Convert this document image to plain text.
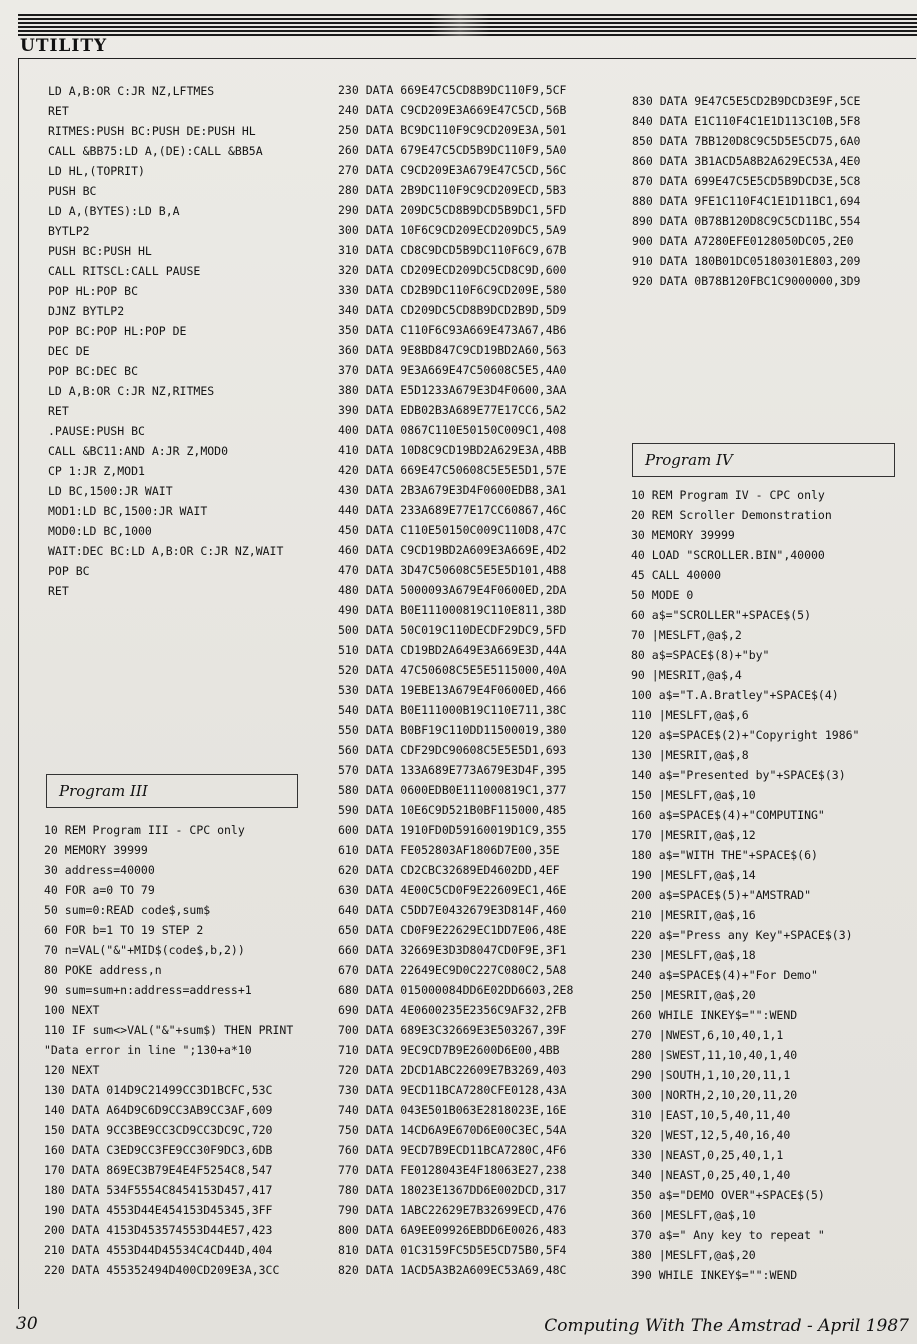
UTILITY
LD A,B:OR C:JR NZ,LFTMES
RET
RITMES:PUSH BC:PUSH DE:PUSH HL
CALL &BB75:LD A,(DE):CALL &BB5A
LD HL,(TOPRIT)
PUSH BC
LD A,(BYTES):LD B,A
BYTLP2
PUSH BC:PUSH HL
CALL RITSCL:CALL PAUSE
POP HL:POP BC
DJNZ BYTLP2
POP BC:POP HL:POP DE
DEC DE
POP BC:DEC BC
LD A,B:OR C:JR NZ,RITMES
RET
.PAUSE:PUSH BC
CALL &BC11:AND A:JR Z,MOD0
CP 1:JR Z,MOD1
LD BC,1500:JR WAIT
MOD1:LD BC,1500:JR WAIT
MOD0:LD BC,1000
WAIT:DEC BC:LD A,B:OR C:JR NZ,WAIT
POP BC
RET
Program III
10 REM Program III - CPC only
20 MEMORY 39999
30 address=40000
40 FOR a=0 TO 79
50 sum=0:READ code$,sum$
60 FOR b=1 TO 19 STEP 2
70 n=VAL("&"+MID$(code$,b,2))
80 POKE address,n
90 sum=sum+n:address=address+1
100 NEXT
110 IF sum<>VAL("&"+sum$) THEN PRINT
"Data error in line ";130+a*10
120 NEXT
130 DATA 014D9C21499CC3D1BCFC,53C
140 DATA A64D9C6D9CC3AB9CC3AF,609
150 DATA 9CC3BE9CC3CD9CC3DC9C,720
160 DATA C3ED9CC3FE9CC30F9DC3,6DB
170 DATA 869EC3B79E4E4F5254C8,547
180 DATA 534F5554C8454153D457,417
190 DATA 4553D44E454153D45345,3FF
200 DATA 4153D453574553D44E57,423
210 DATA 4553D44D45534C4CD44D,404
220 DATA 455352494D400CD209E3A,3CC
230 DATA 669E47C5CD8B9DC110F9,5CF
240 DATA C9CD209E3A669E47C5CD,56B
250 DATA BC9DC110F9C9CD209E3A,501
260 DATA 679E47C5CD5B9DC110F9,5A0
270 DATA C9CD209E3A679E47C5CD,56C
280 DATA 2B9DC110F9C9CD209ECD,5B3
290 DATA 209DC5CD8B9DCD5B9DC1,5FD
300 DATA 10F6C9CD209ECD209DC5,5A9
310 DATA CD8C9DCD5B9DC110F6C9,67B
320 DATA CD209ECD209DC5CD8C9D,600
330 DATA CD2B9DC110F6C9CD209E,580
340 DATA CD209DC5CD8B9DCD2B9D,5D9
350 DATA C110F6C93A669E473A67,4B6
360 DATA 9E8BD847C9CD19BD2A60,563
370 DATA 9E3A669E47C50608C5E5,4A0
380 DATA E5D1233A679E3D4F0600,3AA
390 DATA EDB02B3A689E77E17CC6,5A2
400 DATA 0867C110E50150C009C1,408
410 DATA 10D8C9CD19BD2A629E3A,4BB
420 DATA 669E47C50608C5E5E5D1,57E
430 DATA 2B3A679E3D4F0600EDB8,3A1
440 DATA 233A689E77E17CC60867,46C
450 DATA C110E50150C009C110D8,47C
460 DATA C9CD19BD2A609E3A669E,4D2
470 DATA 3D47C50608C5E5E5D101,4B8
480 DATA 5000093A679E4F0600ED,2DA
490 DATA B0E111000819C110E811,38D
500 DATA 50C019C110DECDF29DC9,5FD
510 DATA CD19BD2A649E3A669E3D,44A
520 DATA 47C50608C5E5E5115000,40A
530 DATA 19EBE13A679E4F0600ED,466
540 DATA B0E111000B19C110E711,38C
550 DATA B0BF19C110DD11500019,380
560 DATA CDF29DC90608C5E5E5D1,693
570 DATA 133A689E773A679E3D4F,395
580 DATA 0600EDB0E111000819C1,377
590 DATA 10E6C9D521B0BF115000,485
600 DATA 1910FD0D59160019D1C9,355
610 DATA FE052803AF1806D7E00,35E
620 DATA CD2CBC32689ED4602DD,4EF
630 DATA 4E00C5CD0F9E22609EC1,46E
640 DATA C5DD7E0432679E3D814F,460
650 DATA CD0F9E22629EC1DD7E06,48E
660 DATA 32669E3D3D8047CD0F9E,3F1
670 DATA 22649EC9D0C227C080C2,5A8
680 DATA 015000084DD6E02DD6603,2E8
690 DATA 4E0600235E2356C9AF32,2FB
700 DATA 689E3C32669E3E503267,39F
710 DATA 9EC9CD7B9E2600D6E00,4BB
720 DATA 2DCD1ABC22609E7B3269,403
730 DATA 9ECD11BCA7280CFE0128,43A
740 DATA 043E501B063E2818023E,16E
750 DATA 14CD6A9E670D6E00C3EC,54A
760 DATA 9ECD7B9ECD11BCA7280C,4F6
770 DATA FE0128043E4F18063E27,238
780 DATA 18023E1367DD6E002DCD,317
790 DATA 1ABC22629E7B32699ECD,476
800 DATA 6A9EE09926EBDD6E0026,483
810 DATA 01C3159FC5D5E5CD75B0,5F4
820 DATA 1ACD5A3B2A609EC53A69,48C
830 DATA 9E47C5E5CD2B9DCD3E9F,5CE
840 DATA E1C110F4C1E1D113C10B,5F8
850 DATA 7BB120D8C9C5D5E5CD75,6A0
860 DATA 3B1ACD5A8B2A629EC53A,4E0
870 DATA 699E47C5E5CD5B9DCD3E,5C8
880 DATA 9FE1C110F4C1E1D11BC1,694
890 DATA 0B78B120D8C9C5CD11BC,554
900 DATA A7280EFE0128050DC05,2E0
910 DATA 180B01DC05180301E803,209
920 DATA 0B78B120FBC1C9000000,3D9
Program IV
10 REM Program IV - CPC only
20 REM Scroller Demonstration
30 MEMORY 39999
40 LOAD "SCROLLER.BIN",40000
45 CALL 40000
50 MODE 0
60 a$="SCROLLER"+SPACE$(5)
70 |MESLFT,@a$,2
80 a$=SPACE$(8)+"by"
90 |MESRIT,@a$,4
100 a$="T.A.Bratley"+SPACE$(4)
110 |MESLFT,@a$,6
120 a$=SPACE$(2)+"Copyright 1986"
130 |MESRIT,@a$,8
140 a$="Presented by"+SPACE$(3)
150 |MESLFT,@a$,10
160 a$=SPACE$(4)+"COMPUTING"
170 |MESRIT,@a$,12
180 a$="WITH THE"+SPACE$(6)
190 |MESLFT,@a$,14
200 a$=SPACE$(5)+"AMSTRAD"
210 |MESRIT,@a$,16
220 a$="Press any Key"+SPACE$(3)
230 |MESLFT,@a$,18
240 a$=SPACE$(4)+"For Demo"
250 |MESRIT,@a$,20
260 WHILE INKEY$="":WEND
270 |NWEST,6,10,40,1,1
280 |SWEST,11,10,40,1,40
290 |SOUTH,1,10,20,11,1
300 |NORTH,2,10,20,11,20
310 |EAST,10,5,40,11,40
320 |WEST,12,5,40,16,40
330 |NEAST,0,25,40,1,1
340 |NEAST,0,25,40,1,40
350 a$="DEMO OVER"+SPACE$(5)
360 |MESLFT,@a$,10
370 a$=" Any key to repeat "
380 |MESLFT,@a$,20
390 WHILE INKEY$="":WEND
30	Computing With The Amstrad - April 1987
